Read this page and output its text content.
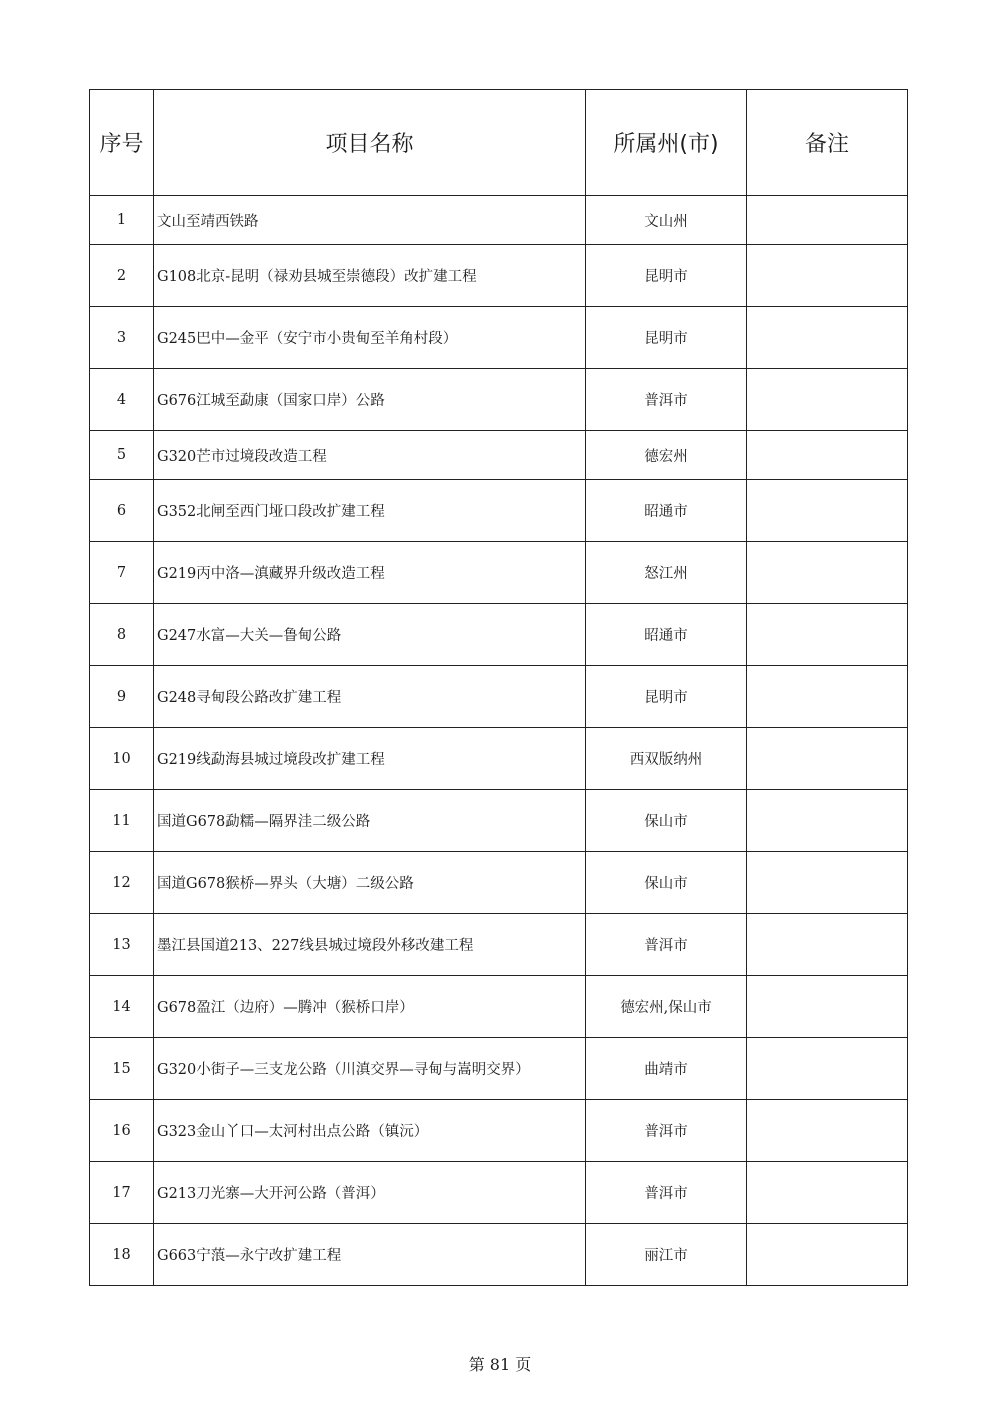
序号	项目名称	所属州(市)	备注
1	文山至靖西铁路	文山州	
2	G108北京-昆明（禄劝县城至崇德段）改扩建工程	昆明市	
3	G245巴中—金平（安宁市小贵甸至羊角村段）	昆明市	
4	G676江城至勐康（国家口岸）公路	普洱市	
5	G320芒市过境段改造工程	德宏州	
6	G352北闸至西门垭口段改扩建工程	昭通市	
7	G219丙中洛—滇藏界升级改造工程	怒江州	
8	G247水富—大关—鲁甸公路	昭通市	
9	G248寻甸段公路改扩建工程	昆明市	
10	G219线勐海县城过境段改扩建工程	西双版纳州	
11	国道G678勐糯—隔界洼二级公路	保山市	
12	国道G678猴桥—界头（大塘）二级公路	保山市	
13	墨江县国道213、227线县城过境段外移改建工程	普洱市	
14	G678盈江（边府）—腾冲（猴桥口岸）	德宏州,保山市	
15	G320小街子—三支龙公路（川滇交界—寻甸与嵩明交界）	曲靖市	
16	G323金山丫口—太河村出点公路（镇沅）	普洱市	
17	G213刀光寨—大开河公路（普洱）	普洱市	
18	G663宁蒗—永宁改扩建工程	丽江市	
第 81 页
